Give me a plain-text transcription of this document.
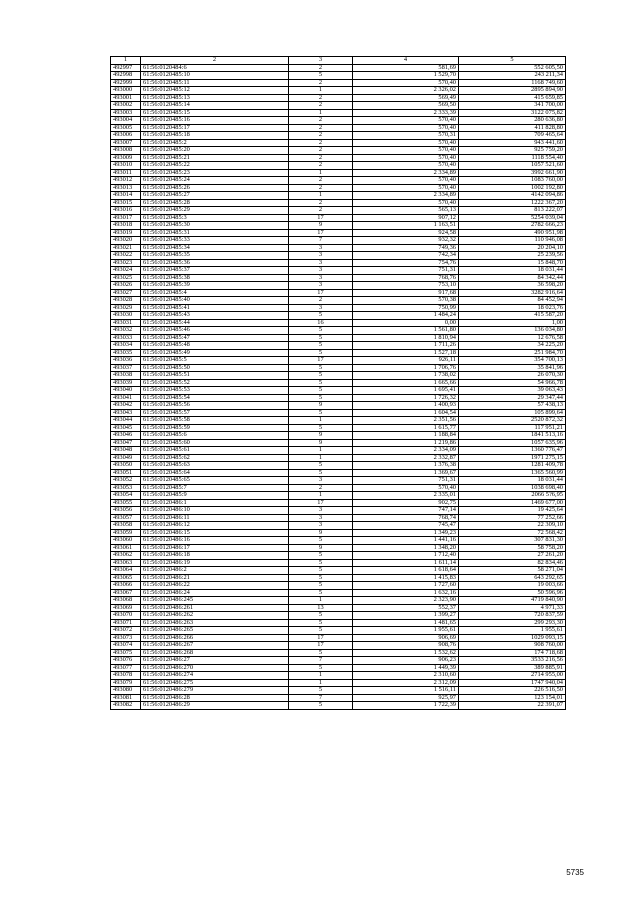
1	2	3	4	5
492997	61:56:0120484:6	2	581,69	552 605,50
492998	61:56:0120485:10	5	1 529,70	243 211,34
492999	61:56:0120485:11	2	570,40	1168 749,60
493000	61:56:0120485:12	1	2 326,02	2895 894,90
493001	61:56:0120485:13	2	569,49	415 659,85
493002	61:56:0120485:14	2	569,50	341 700,00
493003	61:56:0120485:15	1	2 333,39	3122 075,82
493004	61:56:0120485:16	2	570,40	280 636,80
493005	61:56:0120485:17	2	570,40	411 828,80
493006	61:56:0120485:18	2	570,31	709 465,64
493007	61:56:0120485:2	2	570,40	943 441,60
493008	61:56:0120485:20	2	570,40	925 759,20
493009	61:56:0120485:21	2	570,40	1118 554,40
493010	61:56:0120485:22	2	570,40	1057 521,60
493011	61:56:0120485:23	1	2 334,89	3992 661,90
493012	61:56:0120485:24	2	570,40	1083 760,00
493013	61:56:0120485:26	2	570,40	1002 192,80
493014	61:56:0120485:27	1	2 334,89	4142 094,86
493015	61:56:0120485:28	2	570,40	1222 367,20
493016	61:56:0120485:29	2	565,13	813 222,07
493017	61:56:0120485:3	17	907,12	5254 039,04
493018	61:56:0120485:30	9	1 163,51	2782 666,23
493019	61:56:0120485:31	17	924,58	490 951,98
493020	61:56:0120485:33	7	932,32	110 946,08
493021	61:56:0120485:34	3	749,36	20 204,10
493022	61:56:0120485:35	3	742,34	25 239,56
493023	61:56:0120485:36	3	754,76	15 848,70
493024	61:56:0120485:37	3	751,31	18 031,44
493025	61:56:0120485:38	3	768,76	84 342,44
493026	61:56:0120485:39	3	753,10	36 598,20
493027	61:56:0120485:4	17	917,68	3282 916,64
493028	61:56:0120485:40	2	570,38	84 452,94
493029	61:56:0120485:41	3	750,99	18 023,76
493030	61:56:0120485:43	5	1 484,24	415 587,20
493031	61:56:0120485:44	16	0,00	1,00
493032	61:56:0120485:46	5	1 561,80	136 034,80
493033	61:56:0120485:47	5	1 810,94	12 676,58
493034	61:56:0120485:48	5	1 711,26	34 225,20
493035	61:56:0120485:49	5	1 527,18	251 984,70
493036	61:56:0120485:5	17	926,11	354 700,13
493037	61:56:0120485:50	5	1 706,76	35 841,96
493038	61:56:0120485:51	5	1 738,02	26 070,30
493039	61:56:0120485:52	5	1 665,66	54 966,78
493040	61:56:0120485:53	5	1 695,41	39 063,43
493041	61:56:0120485:54	5	1 726,32	29 347,44
493042	61:56:0120485:56	9	1 400,93	57 438,13
493043	61:56:0120485:57	5	1 604,54	105 899,64
493044	61:56:0120485:58	1	2 351,56	2520 872,32
493045	61:56:0120485:59	5	1 615,77	117 951,21
493046	61:56:0120485:6	9	1 188,84	1841 513,16
493047	61:56:0120485:60	9	1 219,86	1057 635,96
493048	61:56:0120485:61	1	2 334,09	1360 776,47
493049	61:56:0120485:62	1	2 332,87	1971 275,15
493050	61:56:0120485:63	5	1 376,38	1281 409,78
493051	61:56:0120485:64	5	1 369,67	1365 560,99
493052	61:56:0120485:65	3	751,31	18 031,44
493053	61:56:0120485:7	2	570,40	1038 698,40
493054	61:56:0120485:9	1	2 335,01	2066 5?6,95
493055	61:56:0120486:1	17	902,75	1469 677,00
493056	61:56:0120486:10	3	747,14	19 425,64
493057	61:56:0120486:11	3	768,74	77 252,66
493058	61:56:0120486:12	3	745,47	22 309,10
493059	61:56:0120486:15	9	1 349,23	72 568,42
493060	61:56:0120486:16	5	1 441,16	307 831,30
493061	61:56:0120486:17	9	1 348,20	58 758,20
493062	61:56:0120486:18	5	1 712,40	27 261,20
493063	61:56:0120486:19	5	1 611,14	82 834,46
493064	61:56:0120486:2	5	1 618,64	58 271,04
493065	61:56:0120486:21	5	1 415,83	643 292,65
493066	61:56:0120486:22	5	1 727,60	19 003,66
493067	61:56:0120486:24	5	1 632,16	50 596,96
493068	61:56:0120486:245	1	2 323,90	4719 840,90
493069	61:56:0120486:261	13	552,37	4 971,33
493070	61:56:0120486:262	5	1 399,27	720 837,59
493071	61:56:0120486:263	5	1 481,65	299 293,30
493072	61:56:0120486:265	5	1 955,61	1 955,61
493073	61:56:0120486:266	17	906,69	1029 093,15
493074	61:56:0120486:267	17	908,76	908 760,00
493075	61:56:0120486:268	5	1 532,62	174 718,68
493076	61:56:0120486:27	7	906,23	3533 216,56
493077	61:56:0120486:270	5	1 449,39	389 885,91
493078	61:56:0120486:274	1	2 310,60	2714 955,00
493079	61:56:0120486:275	1	2 312,09	1747 940,04
493080	61:56:0120486:279	5	1 516,11	226 516,50
493081	61:56:0120486:28	7	925,97	123 154,01
493082	61:56:0120486:29	5	1 722,39	22 391,07
5735
